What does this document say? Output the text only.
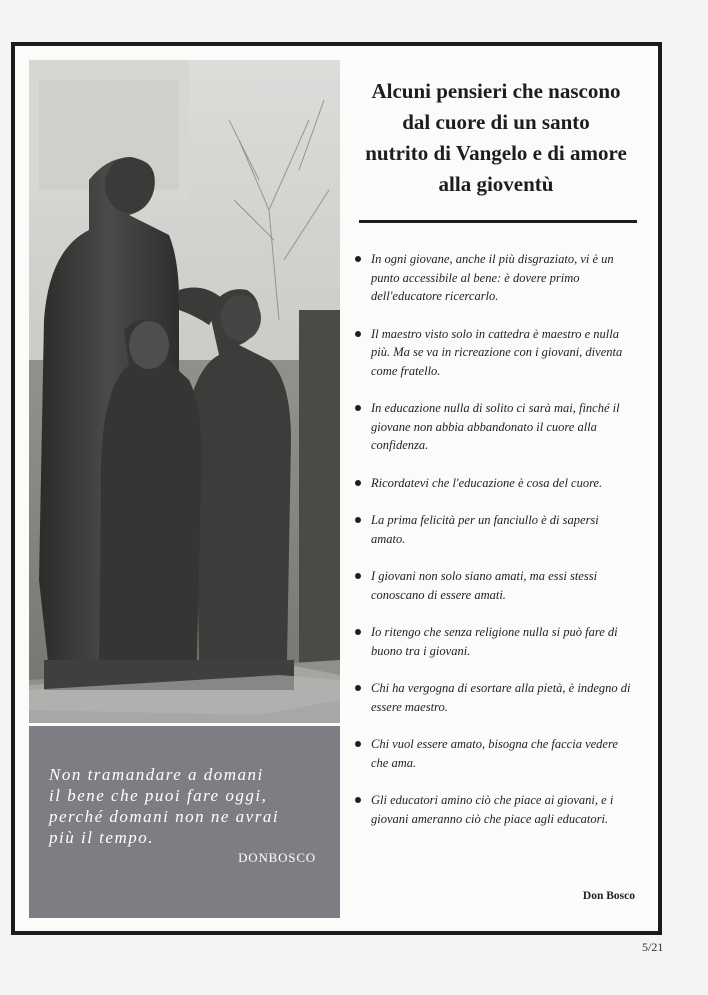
Non tramandare a domani
il bene che puoi fare oggi,
perché domani non ne avrai
più il tempo.
DONBOSCO
Alcuni pensieri che nascono
dal cuore di un santo
nutrito di Vangelo e di amore
alla gioventù
In ogni giovane, anche il più disgraziato, vi è un punto accessibile al bene: è dovere primo dell'educatore ricercarlo.
Il maestro visto solo in cattedra è maestro e nulla più. Ma se va in ricreazione con i giovani, diventa come fratello.
In educazione nulla di solito ci sarà mai, finché il giovane non abbia abbandonato il cuore alla confidenza.
Ricordatevi che l'educazione è cosa del cuore.
La prima felicità per un fanciullo è di sapersi amato.
I giovani non solo siano amati, ma essi stessi conoscano di essere amati.
Io ritengo che senza religione nulla si può fare di buono tra i giovani.
Chi ha vergogna di esortare alla pietà, è indegno di essere maestro.
Chi vuol essere amato, bisogna che faccia vedere che ama.
Gli educatori amino ciò che piace ai giovani, e i giovani ameranno ciò che piace agli educatori.
Don Bosco
5/21
